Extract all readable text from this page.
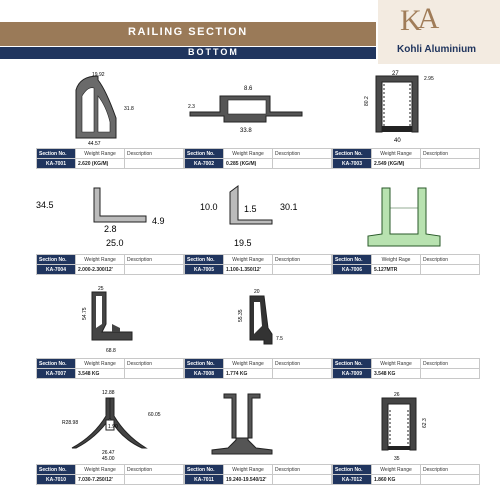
RAILING SECTION
BOTTOM
KA
Kohli Aluminium
19.92
31.8
44.57
8.6
2.3
33.8
27
2.95
80.2
40
Section No.	Weight Range	Description
KA-7001	2.620 (KG/M)	
Section No.	Weight Range	Description
KA-7002	0.285 (KG/M)	
Section No.	Weight Range	Description
KA-7003	2.549 (KG/M)	
34.5
4.9
2.8
25.0
10.0	1.5	30.1
19.5
Section No.	Weight Range	Description
KA-7004	2.000-2.300/12'	
Section No.	Weight Range	Description
KA-7005	1.100-1.350/12'	
Section No.	Weight Rage	Description
KA-7006	5.127MTR	
25
54.75
68.8
20
55.35
7.5
Section No.	Weight Range	Description
KA-7007	3.548 KG	
Section No.	Weight Range	Description
KA-7008	1.774 KG	
Section No.	Weight Range	Description
KA-7009	3.548 KG	
12.88
R28.98
60.05
1.90
26.47
45.00
26
62.3
35
Section No.	Weight Range	Description
KA-7010	7.030-7.250/12'	
Section No.	Weight Range	Description
KA-7011	19.240-19.540/12'	
Section No.	Weight Range	Description
KA-7012	1.860 KG	
